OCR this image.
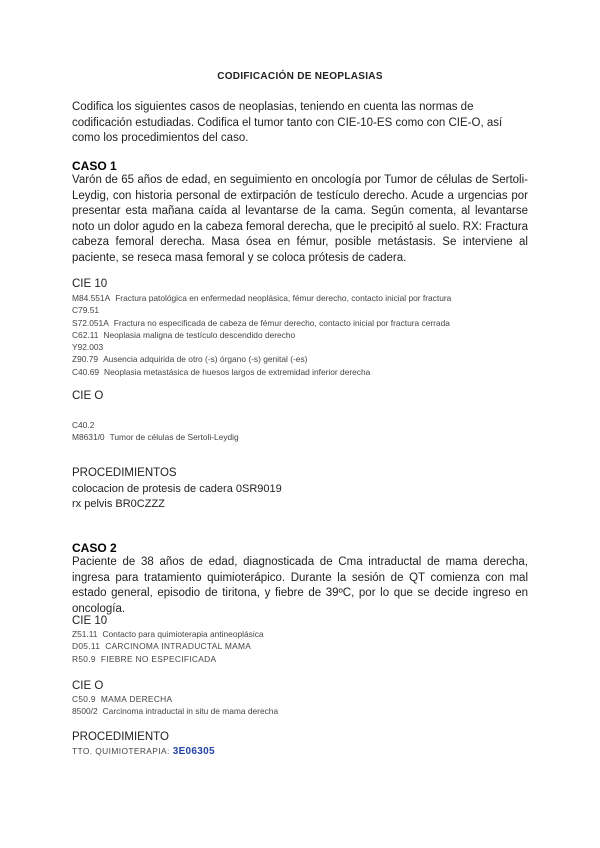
CODIFICACIÓN DE NEOPLASIAS
Codifica los siguientes casos de neoplasias, teniendo en cuenta las normas de codificación estudiadas. Codifica el tumor tanto con CIE-10-ES como con CIE-O, así como los procedimientos del caso.
CASO 1
Varón de 65 años de edad, en seguimiento en oncología por Tumor de células de Sertoli-Leydig, con historia personal de extirpación de testículo derecho. Acude a urgencias por presentar esta mañana caída al levantarse de la cama. Según comenta, al levantarse noto un dolor agudo en la cabeza femoral derecha, que le precipitó al suelo. RX: Fractura cabeza femoral derecha. Masa ósea en fémur, posible metástasis. Se interviene al paciente, se reseca masa femoral y se coloca prótesis de cadera.
CIE 10
M84.551A Fractura patológica en enfermedad neoplásica, fémur derecho, contacto inicial por fractura
C79.51
S72.051A Fractura no especificada de cabeza de fémur derecho, contacto inicial por fractura cerrada
C62.11 Neoplasia maligna de testículo descendido derecho
Y92.003
Z90.79 Ausencia adquirida de otro (-s) órgano (-s) genital (-es)
C40.69 Neoplasia metastásica de huesos largos de extremidad inferior derecha
CIE O
C40.2
M8631/0 Tumor de células de Sertoli-Leydig
PROCEDIMIENTOS
colocacion de protesis de cadera 0SR9019
rx pelvis BR0CZZZ
CASO 2
Paciente de 38 años de edad, diagnosticada de Cma intraductal de mama derecha, ingresa para tratamiento quimioterápico. Durante la sesión de QT comienza con mal estado general, episodio de tiritona, y fiebre de 39ºC, por lo que se decide ingreso en oncología.
CIE 10
Z51.11 Contacto para quimioterapia antineoplásica
D05.11 CARCINOMA INTRADUCTAL MAMA
R50.9 FIEBRE NO ESPECIFICADA
CIE O
C50.9 MAMA DERECHA
8500/2 Carcinoma intraductal in situ de mama derecha
PROCEDIMIENTO
TTO. QUIMIOTERAPIA: 3E06305
